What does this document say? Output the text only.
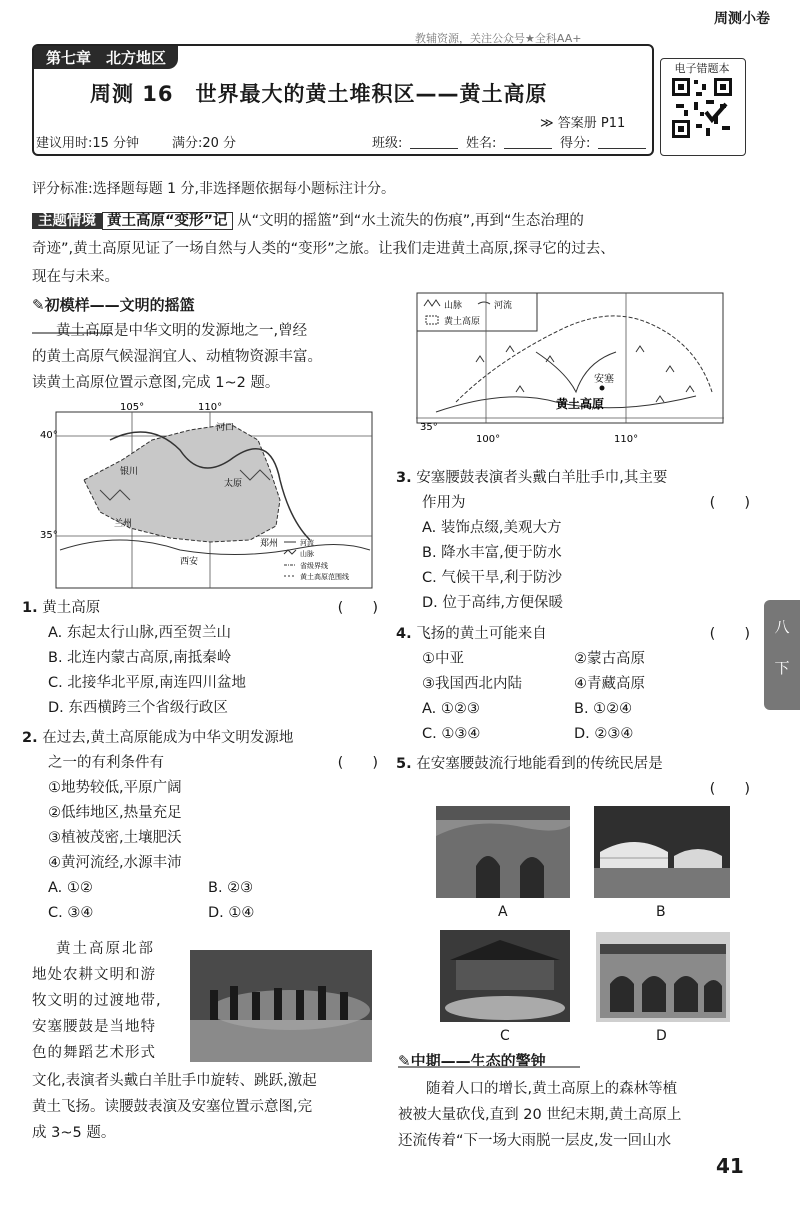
教辅资源，关注公众号★全科AA+
周测小卷
第七章　北方地区
周测 16　世界最大的黄土堆积区——黄土高原
≫ 答案册 P11
建议用时:15 分钟	满分:20 分	班级:	姓名:	得分:
电子错题本
八
下
评分标准:选择题每题 1 分,非选择题依据每小题标注计分。
主题情境 黄土高原“变形”记 从“文明的摇篮”到“水土流失的伤痕”,再到“生态治理的
奇迹”,黄土高原见证了一场自然与人类的“变形”之旅。让我们走进黄土高原,探寻它的过去、
现在与未来。
✎初模样——文明的摇篮
黄土高原是中华文明的发源地之一,曾经
的黄土高原气候湿润宜人、动植物资源丰富。
读黄土高原位置示意图,完成 1~2 题。
105°	110°
40°
35°
河口
银川
太原
兰州
郑州
西安
河流
山脉
省级界线
黄土高原范围线
1. 黄土高原	(　　)
A. 东起太行山脉,西至贺兰山
B. 北连内蒙古高原,南抵秦岭
C. 北接华北平原,南连四川盆地
D. 东西横跨三个省级行政区
2. 在过去,黄土高原能成为中华文明发源地
之一的有利条件有	(　　)
①地势较低,平原广阔
②低纬地区,热量充足
③植被茂密,土壤肥沃
④黄河流经,水源丰沛
A. ①②	B. ②③
C. ③④	D. ①④
黄土高原北部
地处农耕文明和游
牧文明的过渡地带,
安塞腰鼓是当地特
色的舞蹈艺术形式
文化,表演者头戴白羊肚手巾旋转、跳跃,激起
黄土飞扬。读腰鼓表演及安塞位置示意图,完
成 3~5 题。
山脉	河流
黄土高原
安塞
黄土高原
35°
100°	110°
3. 安塞腰鼓表演者头戴白羊肚手巾,其主要
作用为	(　　)
A. 装饰点缀,美观大方
B. 降水丰富,便于防水
C. 气候干旱,利于防沙
D. 位于高纬,方便保暖
4. 飞扬的黄土可能来自	(　　)
①中亚	②蒙古高原
③我国西北内陆	④青藏高原
A. ①②③	B. ①②④
C. ①③④	D. ②③④
5. 在安塞腰鼓流行地能看到的传统民居是
(　　)
A	B
C	D
✎中期——生态的警钟
随着人口的增长,黄土高原上的森林等植
被被大量砍伐,直到 20 世纪末期,黄土高原上
还流传着“下一场大雨脱一层皮,发一回山水
41
